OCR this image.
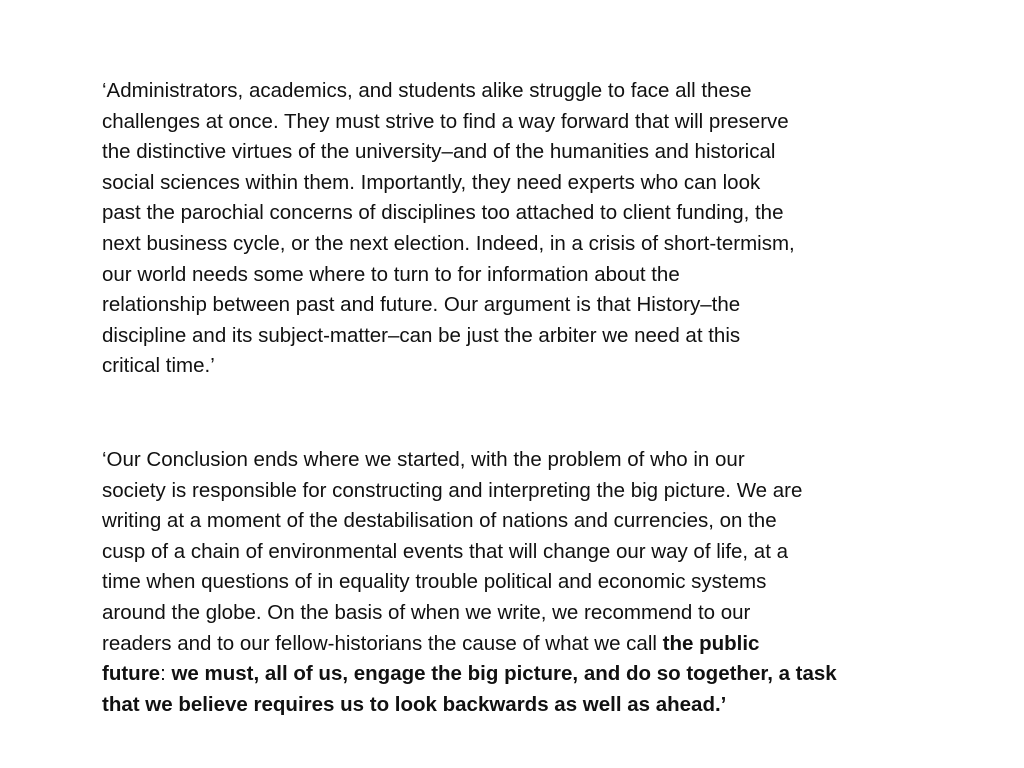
‘Administrators, academics, and students alike struggle to face all these
challenges at once. They must strive to find a way forward that will preserve
the distinctive virtues of the university–and of the humanities and historical
social sciences within them. Importantly, they need experts who can look
past the parochial concerns of disciplines too attached to client funding, the
next business cycle, or the next election. Indeed, in a crisis of short-termism,
our world needs some where to turn to for information about the
relationship between past and future. Our argument is that History–the
discipline and its subject-matter–can be just the arbiter we need at this
critical time.’

‘Our Conclusion ends where we started, with the problem of who in our
society is responsible for constructing and interpreting the big picture. We are
writing at a moment of the destabilisation of nations and currencies, on the
cusp of a chain of environmental events that will change our way of life, at a
time when questions of in equality trouble political and economic systems
around the globe. On the basis of when we write, we recommend to our
readers and to our fellow-historians the cause of what we call the public
future: we must, all of us, engage the big picture, and do so together, a task
that we believe requires us to look backwards as well as ahead.’
